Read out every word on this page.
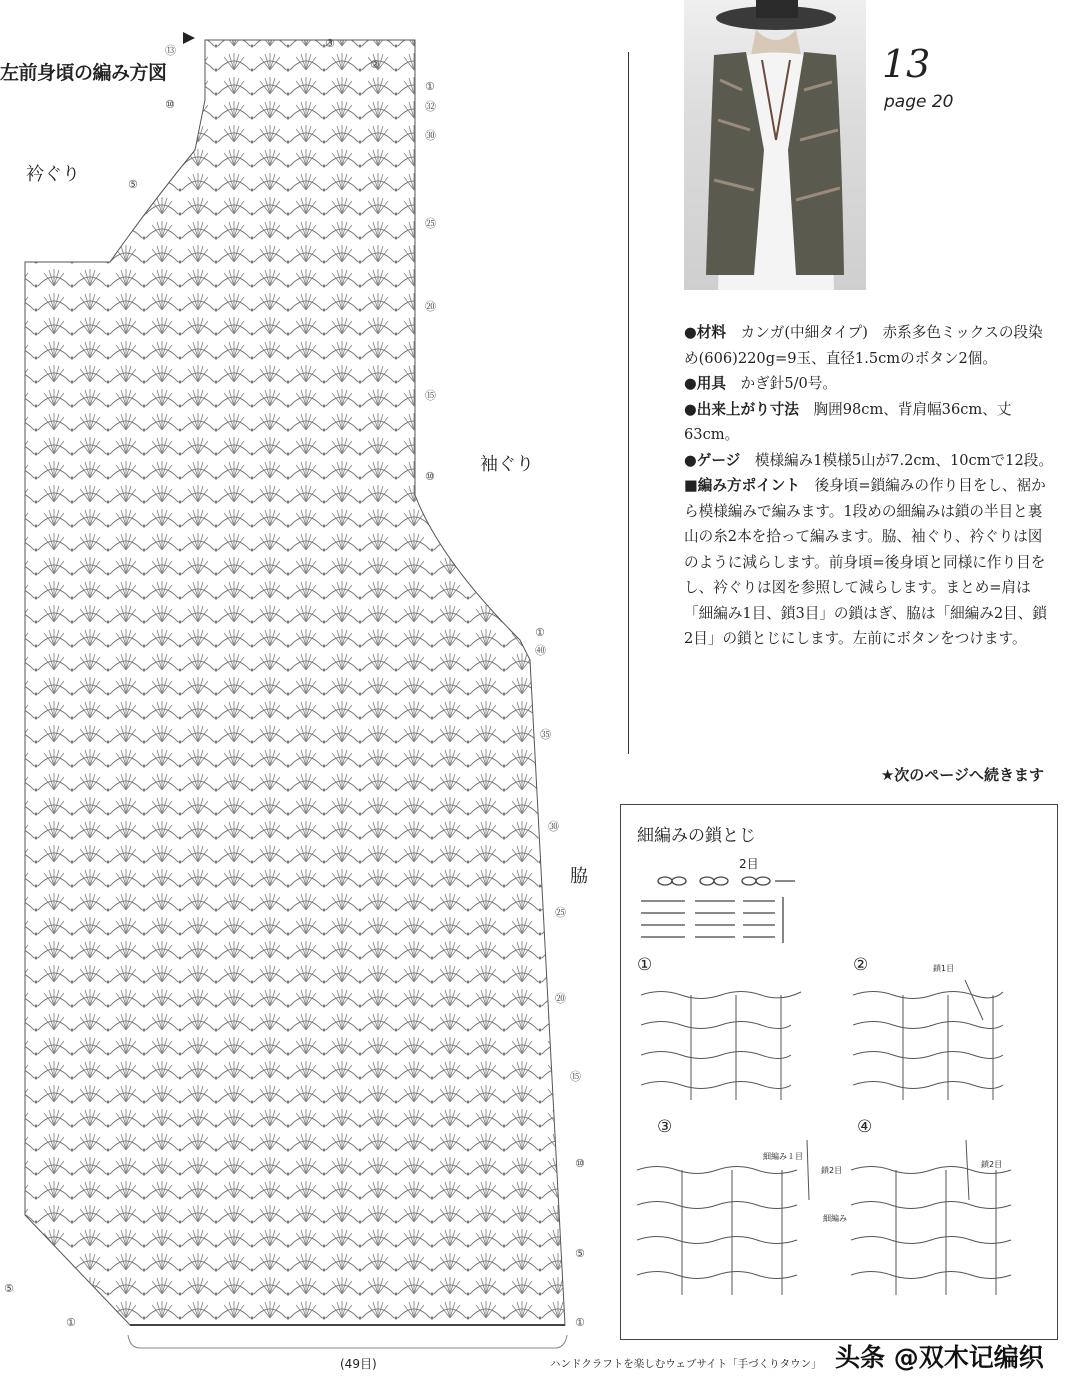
左前身頃の編み方図
衿ぐり
袖ぐり
脇
⑬
③
②
①
㉜
㉚
⑤
㉕
⑳
⑮
⑩
①
㊵
㉟
㉚
㉕
⑳
⑮
⑩
⑤
①
⑤
①
⑩
(49目)
13
page 20

●材料　 カンガ(中細タイプ)　赤系多色ミックスの段染め(606)220g=9玉、直径1.5cmのボタン2個。

●用具　 かぎ針5/0号。

●出来上がり寸法　 胸囲98cm、背肩幅36cm、丈63cm。

●ゲージ　 模様編み1模様5山が7.2cm、10cmで12段。

■編み方ポイント　 後身頃=鎖編みの作り目をし、裾から模様編みで編みます。1段めの細編みは鎖の半目と裏山の糸2本を拾って編みます。脇、袖ぐり、衿ぐりは図のように減らします。前身頃=後身頃と同様に作り目をし、衿ぐりは図を参照して減らします。まとめ=肩は「細編み1目、鎖3目」の鎖はぎ、脇は「細編み2目、鎖2目」の鎖とじにします。左前にボタンをつけます。

★次のページへ続きます
細編みの鎖とじ
2目
①	②
③	④
鎖1目
細編み１目
鎖2目
細編み
鎖2目
ハンドクラフトを楽しむウェブサイト「手づくりタウン」 头条 @双木记编织
